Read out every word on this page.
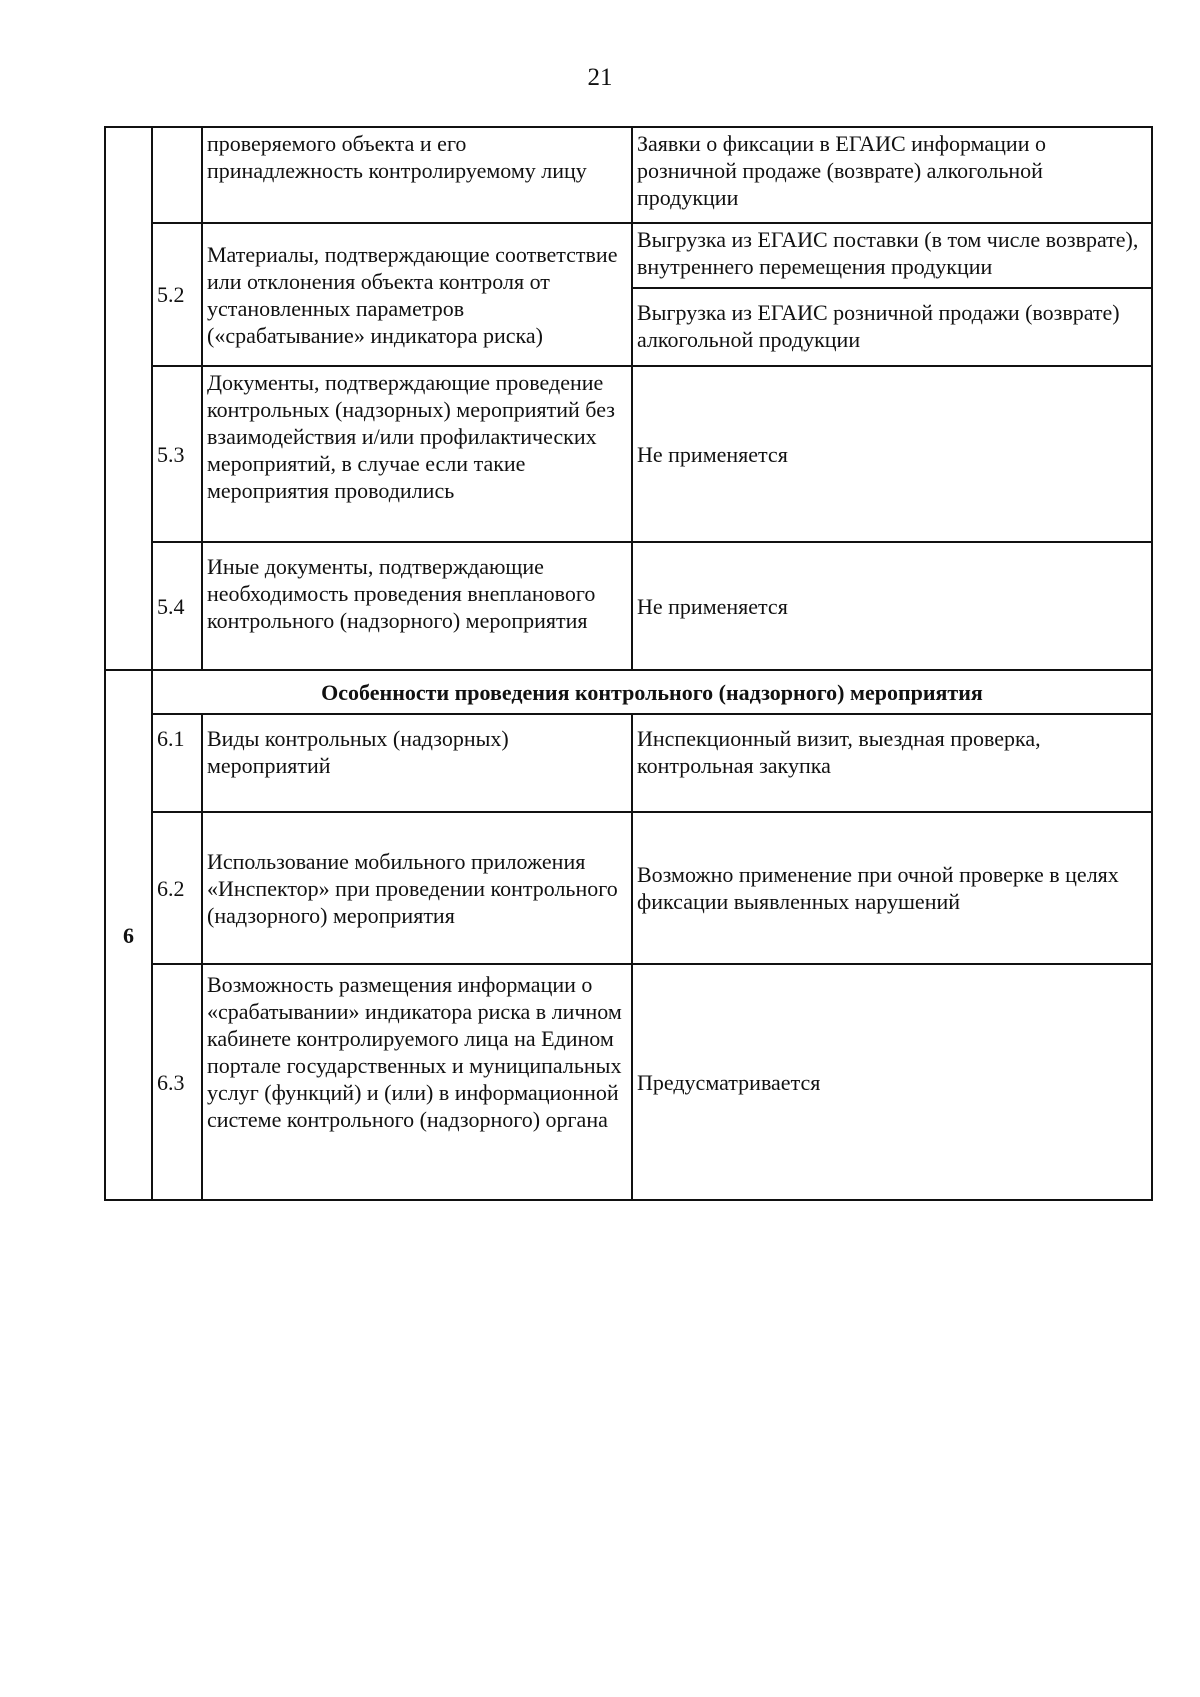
21
		проверяемого объекта и его принадлежность контролируемому лицу	Заявки о фиксации в ЕГАИС информации о розничной продаже (возврате) алкогольной продукции
	5.2	Материалы, подтверждающие соответствие или отклонения объекта контроля от установленных параметров («срабатывание» индикатора риска)	Выгрузка из ЕГАИС поставки (в том числе возврате), внутреннего перемещения продукции
			Выгрузка из ЕГАИС розничной продажи (возврате) алкогольной продукции
	5.3	Документы, подтверждающие проведение контрольных (надзорных) мероприятий без взаимодействия и/или профилактических мероприятий, в случае если такие мероприятия проводились	Не применяется
	5.4	Иные документы, подтверждающие необходимость проведения внепланового контрольного (надзорного) мероприятия	Не применяется
6	Особенности проведения контрольного (надзорного) мероприятия		
	6.1	Виды контрольных (надзорных) мероприятий	Инспекционный визит, выездная проверка, контрольная закупка
	6.2	Использование мобильного приложения «Инспектор» при проведении контрольного (надзорного) мероприятия	Возможно применение при очной проверке в целях фиксации выявленных нарушений
	6.3	Возможность размещения информации о «срабатывании» индикатора риска в личном кабинете контролируемого лица на Едином портале государственных и муниципальных услуг (функций) и (или) в информационной системе контрольного (надзорного) органа	Предусматривается
